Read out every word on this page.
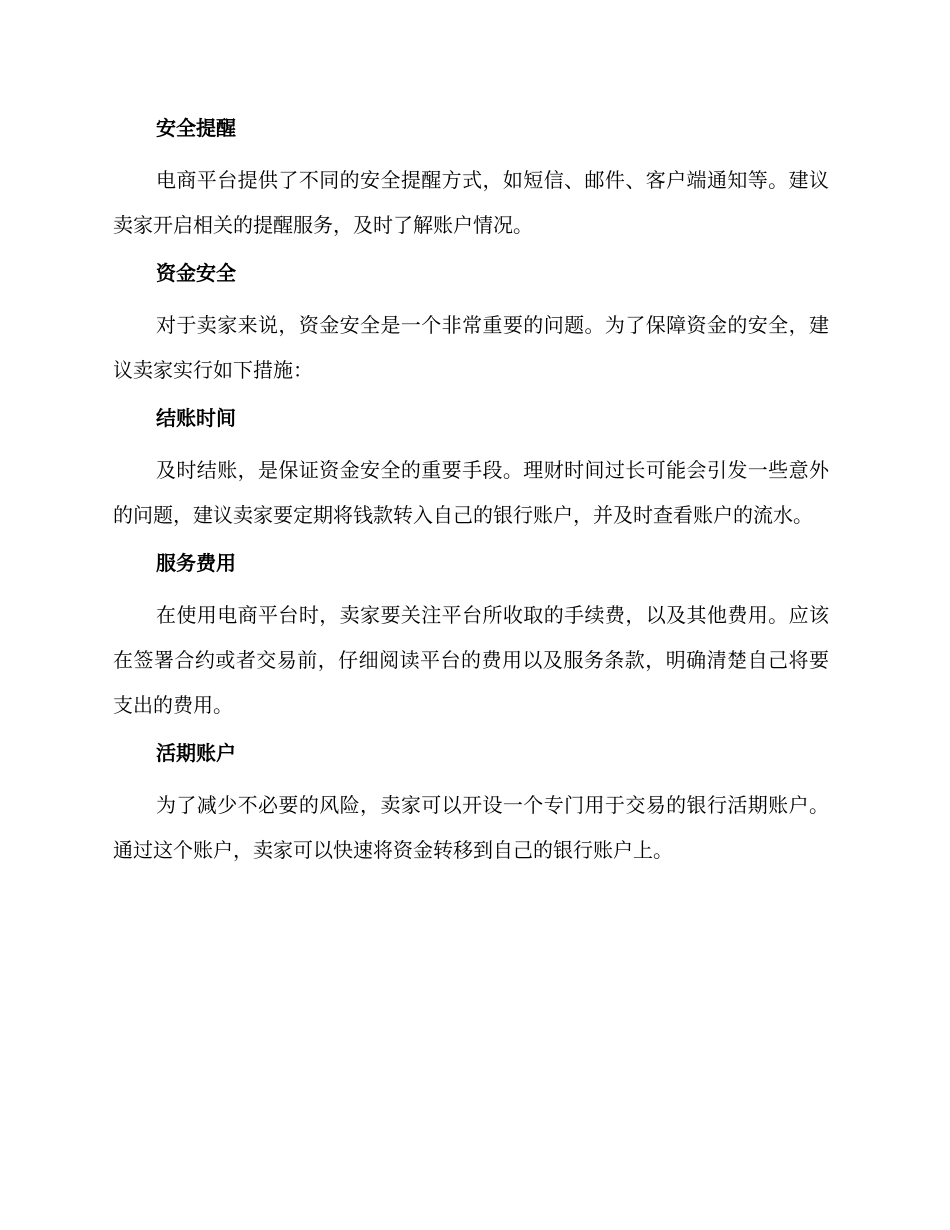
安全提醒

电商平台提供了不同的安全提醒方式，如短信、邮件、客户端通知等。建议卖家开启相关的提醒服务，及时了解账户情况。

资金安全

对于卖家来说，资金安全是一个非常重要的问题。为了保障资金的安全，建议卖家实行如下措施：

结账时间

及时结账，是保证资金安全的重要手段。理财时间过长可能会引发一些意外的问题，建议卖家要定期将钱款转入自己的银行账户，并及时查看账户的流水。

服务费用

在使用电商平台时，卖家要关注平台所收取的手续费，以及其他费用。应该在签署合约或者交易前，仔细阅读平台的费用以及服务条款，明确清楚自己将要支出的费用。

活期账户

为了减少不必要的风险，卖家可以开设一个专门用于交易的银行活期账户。通过这个账户，卖家可以快速将资金转移到自己的银行账户上。
